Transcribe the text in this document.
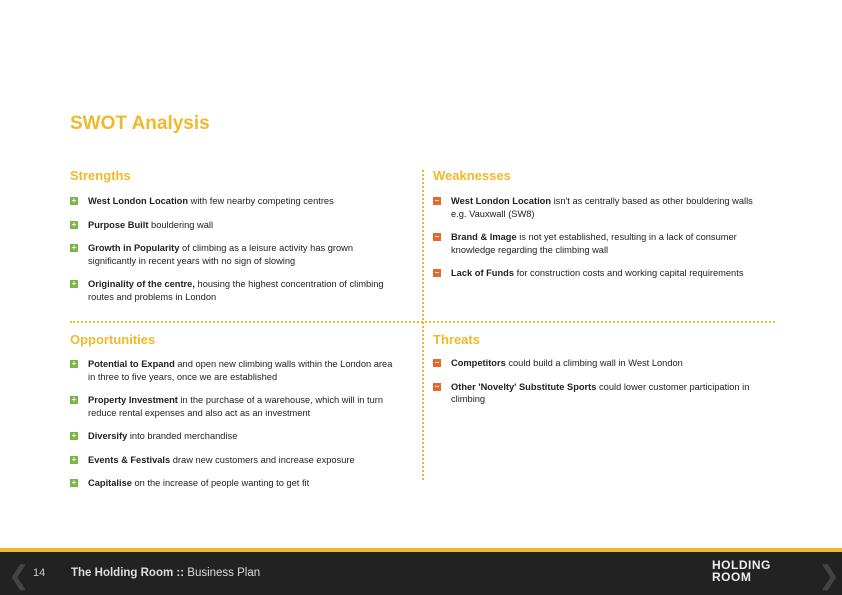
SWOT Analysis
Strengths
+ West London Location with few nearby competing centres
+ Purpose Built bouldering wall
+ Growth in Popularity of climbing as a leisure activity has grown significantly in recent years with no sign of slowing
+ Originality of the centre, housing the highest concentration of climbing routes and problems in London
Weaknesses
– West London Location isn't as centrally based as other bouldering walls e.g. Vauxwall (SW8)
– Brand & Image is not yet established, resulting in a lack of consumer knowledge regarding the climbing wall
– Lack of Funds for construction costs and working capital requirements
Opportunities
+ Potential to Expand and open new climbing walls within the London area in three to five years, once we are established
+ Property Investment in the purchase of a warehouse, which will in turn reduce rental expenses and also act as an investment
+ Diversify into branded merchandise
+ Events & Festivals draw new customers and increase exposure
+ Capitalise on the increase of people wanting to get fit
Threats
– Competitors could build a climbing wall in West London
– Other 'Novelty' Substitute Sports could lower customer participation in climbing
❮	❯
14 The Holding Room :: Business Plan
HOLDING
ROOM
